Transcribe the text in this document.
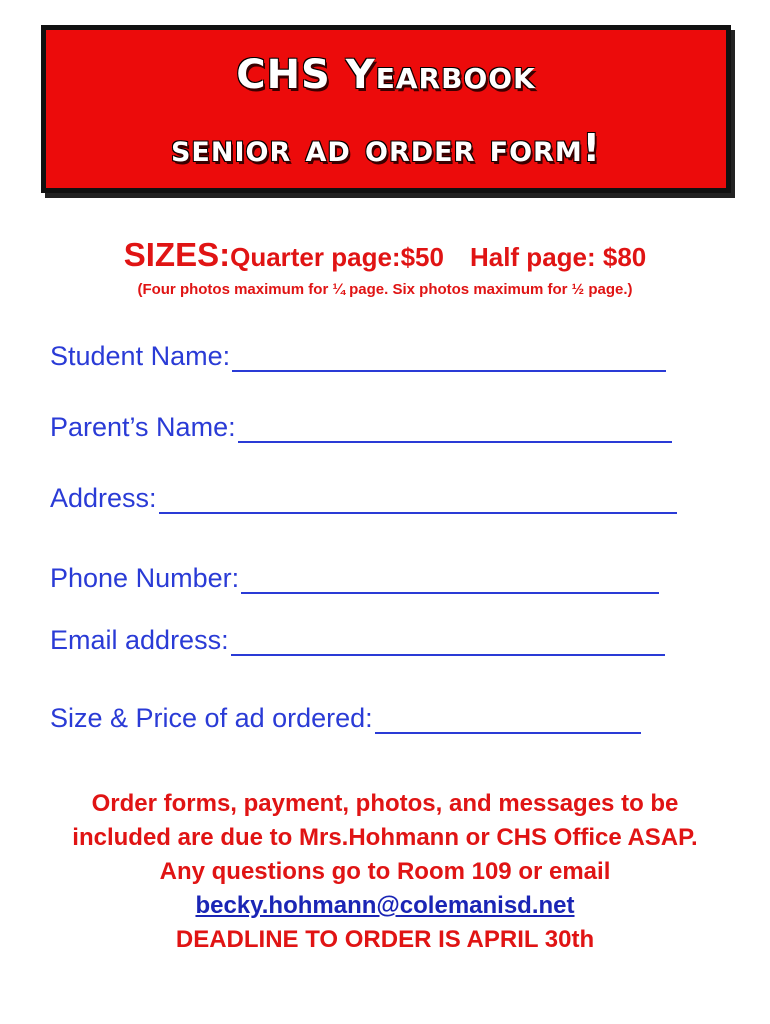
CHS Yearbook
senior ad order form!
SIZES:Quarter page:$50 Half page: $80
(Four photos maximum for ¼ page. Six photos maximum for ½ page.)
Student Name:
Parent’s Name:
Address:
Phone Number:
Email address:
Size & Price of ad ordered:
Order forms, payment, photos, and messages to be
included are due to Mrs.Hohmann or CHS Office ASAP.
Any questions go to Room 109 or email
becky.hohmann@colemanisd.net
DEADLINE TO ORDER IS APRIL 30th
